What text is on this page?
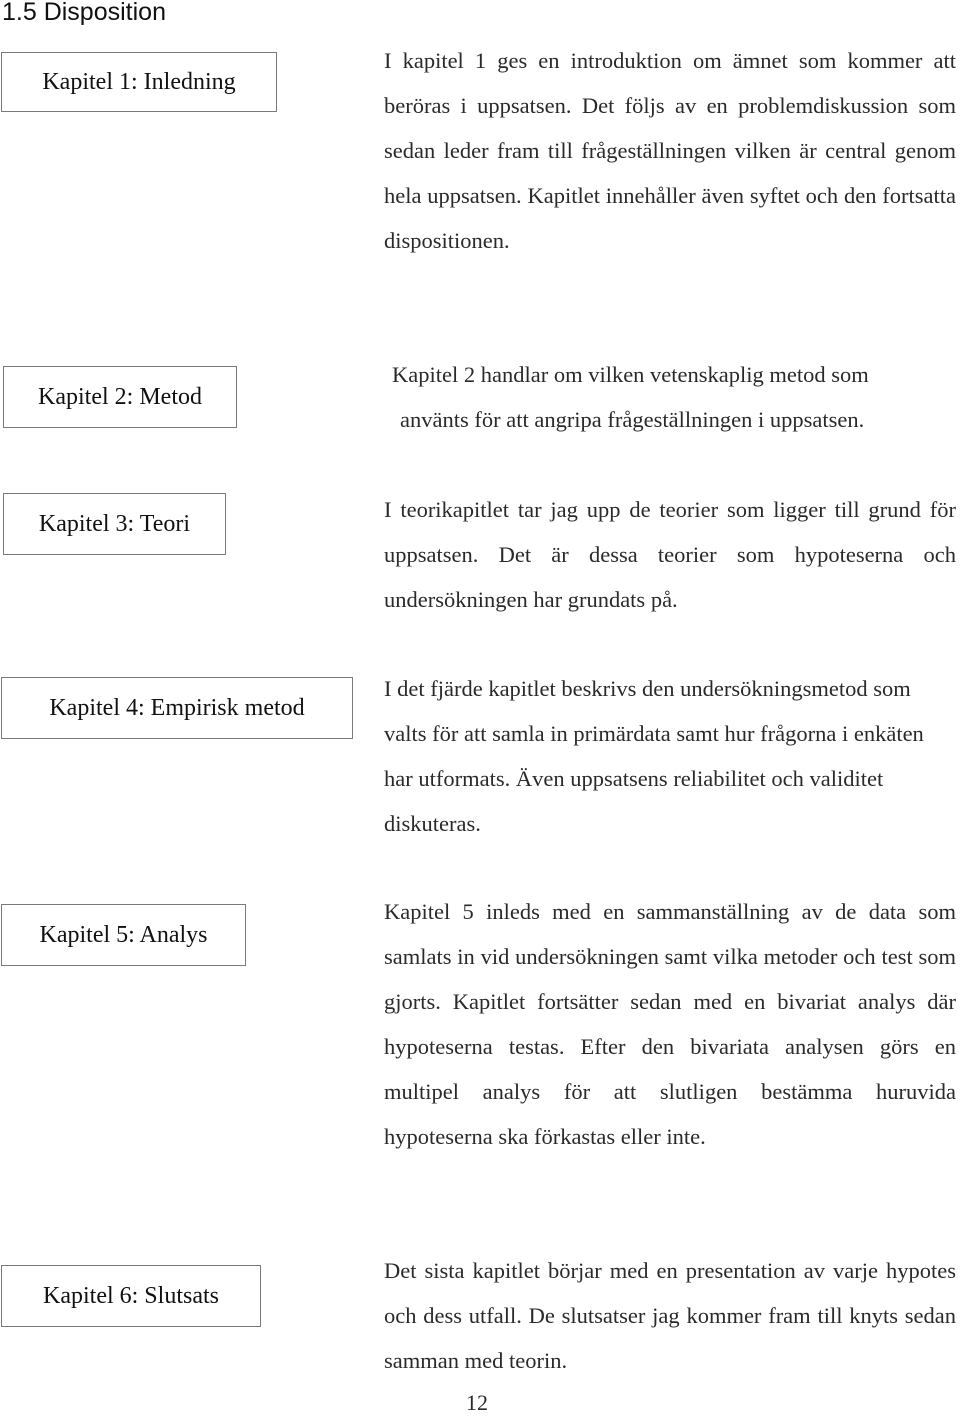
1.5 Disposition
Kapitel 1: Inledning
I kapitel 1 ges en introduktion om ämnet som kommer att beröras i uppsatsen. Det följs av en problemdiskussion som sedan leder fram till frågeställningen vilken är central genom hela uppsatsen. Kapitlet innehåller även syftet och den fortsatta dispositionen.
Kapitel 2: Metod
Kapitel 2 handlar om vilken vetenskaplig metod som
använts för att angripa frågeställningen i uppsatsen.
Kapitel 3: Teori
I teorikapitlet tar jag upp de teorier som ligger till grund för uppsatsen. Det är dessa teorier som hypoteserna och undersökningen har grundats på.
Kapitel 4: Empirisk metod
I det fjärde kapitlet beskrivs den undersökningsmetod som valts för att samla in primärdata samt hur frågorna i enkäten har utformats. Även uppsatsens reliabilitet och validitet diskuteras.
Kapitel 5: Analys
Kapitel 5 inleds med en sammanställning av de data som samlats in vid undersökningen samt vilka metoder och test som gjorts. Kapitlet fortsätter sedan med en bivariat analys där hypoteserna testas. Efter den bivariata analysen görs en multipel analys för att slutligen bestämma huruvida hypoteserna ska förkastas eller inte.
Kapitel 6: Slutsats
Det sista kapitlet börjar med en presentation av varje hypotes och dess utfall. De slutsatser jag kommer fram till knyts sedan samman med teorin.
12
